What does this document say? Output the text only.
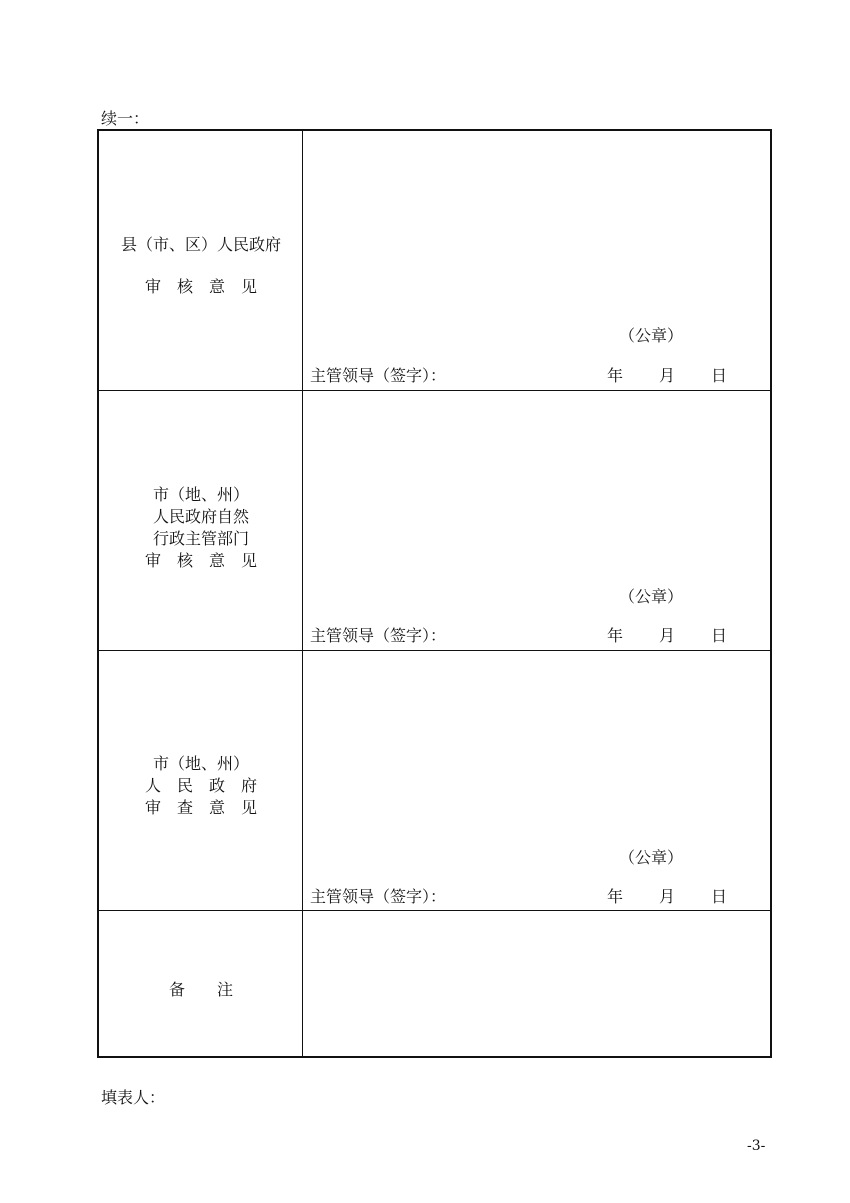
续一：
县（市、区）人民政府
审　核　意　见
（公章）
主管领导（签字）：	年 月 日
市（地、州）
人民政府自然
行政主管部门
审　核　意　见
（公章）
主管领导（签字）：	年 月 日
市（地、州）
人　民　政　府
审　查　意　见
（公章）
主管领导（签字）：	年 月 日
备　　注
填表人：
-3-
